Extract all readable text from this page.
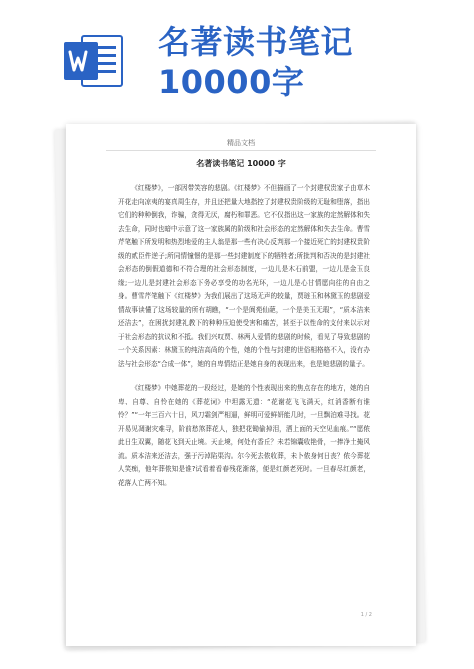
名著读书笔记10000字
精品文档
名著读书笔记 10000 字

《红楼梦》，一部因带笑容的悲剧。《红楼梦》不但描画了一个封建权贵家子由草木开花走向凉夷的宴真周生存，并且还把量大地指控了封建权贵阶级的无耻和堕落，指出它们的种种倒我，诈骗，贪得无厌，腐朽和罪恶。它不仅指出这一家族的定然解体和失去生命，同时也暗中示意了这一家族属的阶级和社会形态的定然解体和失去生命。曹雪芹笔触下所发明和热烈地爱的主人翁是那一些有决心反判那一个接近死亡的封建权贵阶级的贰臣件逆子;所同情憧憬的是那一些封建制度下的牺牲者;所批判和否决的是封建社会形态的倒假道德和不符合理的社会形态制度，一边儿是木石前盟，一边儿是金玉良缘;一边儿是封建社会形态下务必享受的功名光环，一边儿是心甘情愿向往的自由之身。曹雪芹笔触下《红楼梦》为我们展出了这场无声的较量，贾琏玉和林黛玉的悲剧爱情故事读懂了这场较量的所有胡瞧，“一个是阆苑仙葩，一个是美玉无瑕”，“质本洁来还洁去”，在困扰封建礼教下的种种压迫使受害和痛苦，甚至于以性命的支付来以示对于社会形态的抗议和不抵。我们兴叹贾、林两人爱情的悲剧的时候，看见了导致悲剧的一个关系因素：林黛玉的纯洁高尚的个性，她的个性与封建的世俗相格格不入，没有办法与社会形态“合成一体”，她的自卑情结正是她自身的表现出来，也是她悲剧的量子。

《红楼梦》中她葬花的一段经过，是她的个性表现出来的焦点存在的地方，她的自卑、自尊、自怜在她的《葬花词》中坦露无遗：“花谢花飞飞满天，红消香断有谁怜？”“一年三百六十日，风刀霜剑严相逼，鲜明可爱鲜妍能几时，一旦飘泊难寻找。花开易见凋谢灾难寻，阶前愁煞葬花人，独把花锄偷掉泪，洒上面的天空见血痕。”“愿侬此日生双翼，随花飞到天止境。天止境，何处有香丘？未若锦囊收艳骨，一捧净土掩风流。质本洁来还洁去，强于污淖陷渠沟。尔今死去侬收葬，未卜侬身何日丧？侬今葬花人笑痴，他年葬侬知是谁?试看着看春残花渐落，便是红颜老死时。一旦春尽红颜老，花落人亡两不知。

1 / 2
